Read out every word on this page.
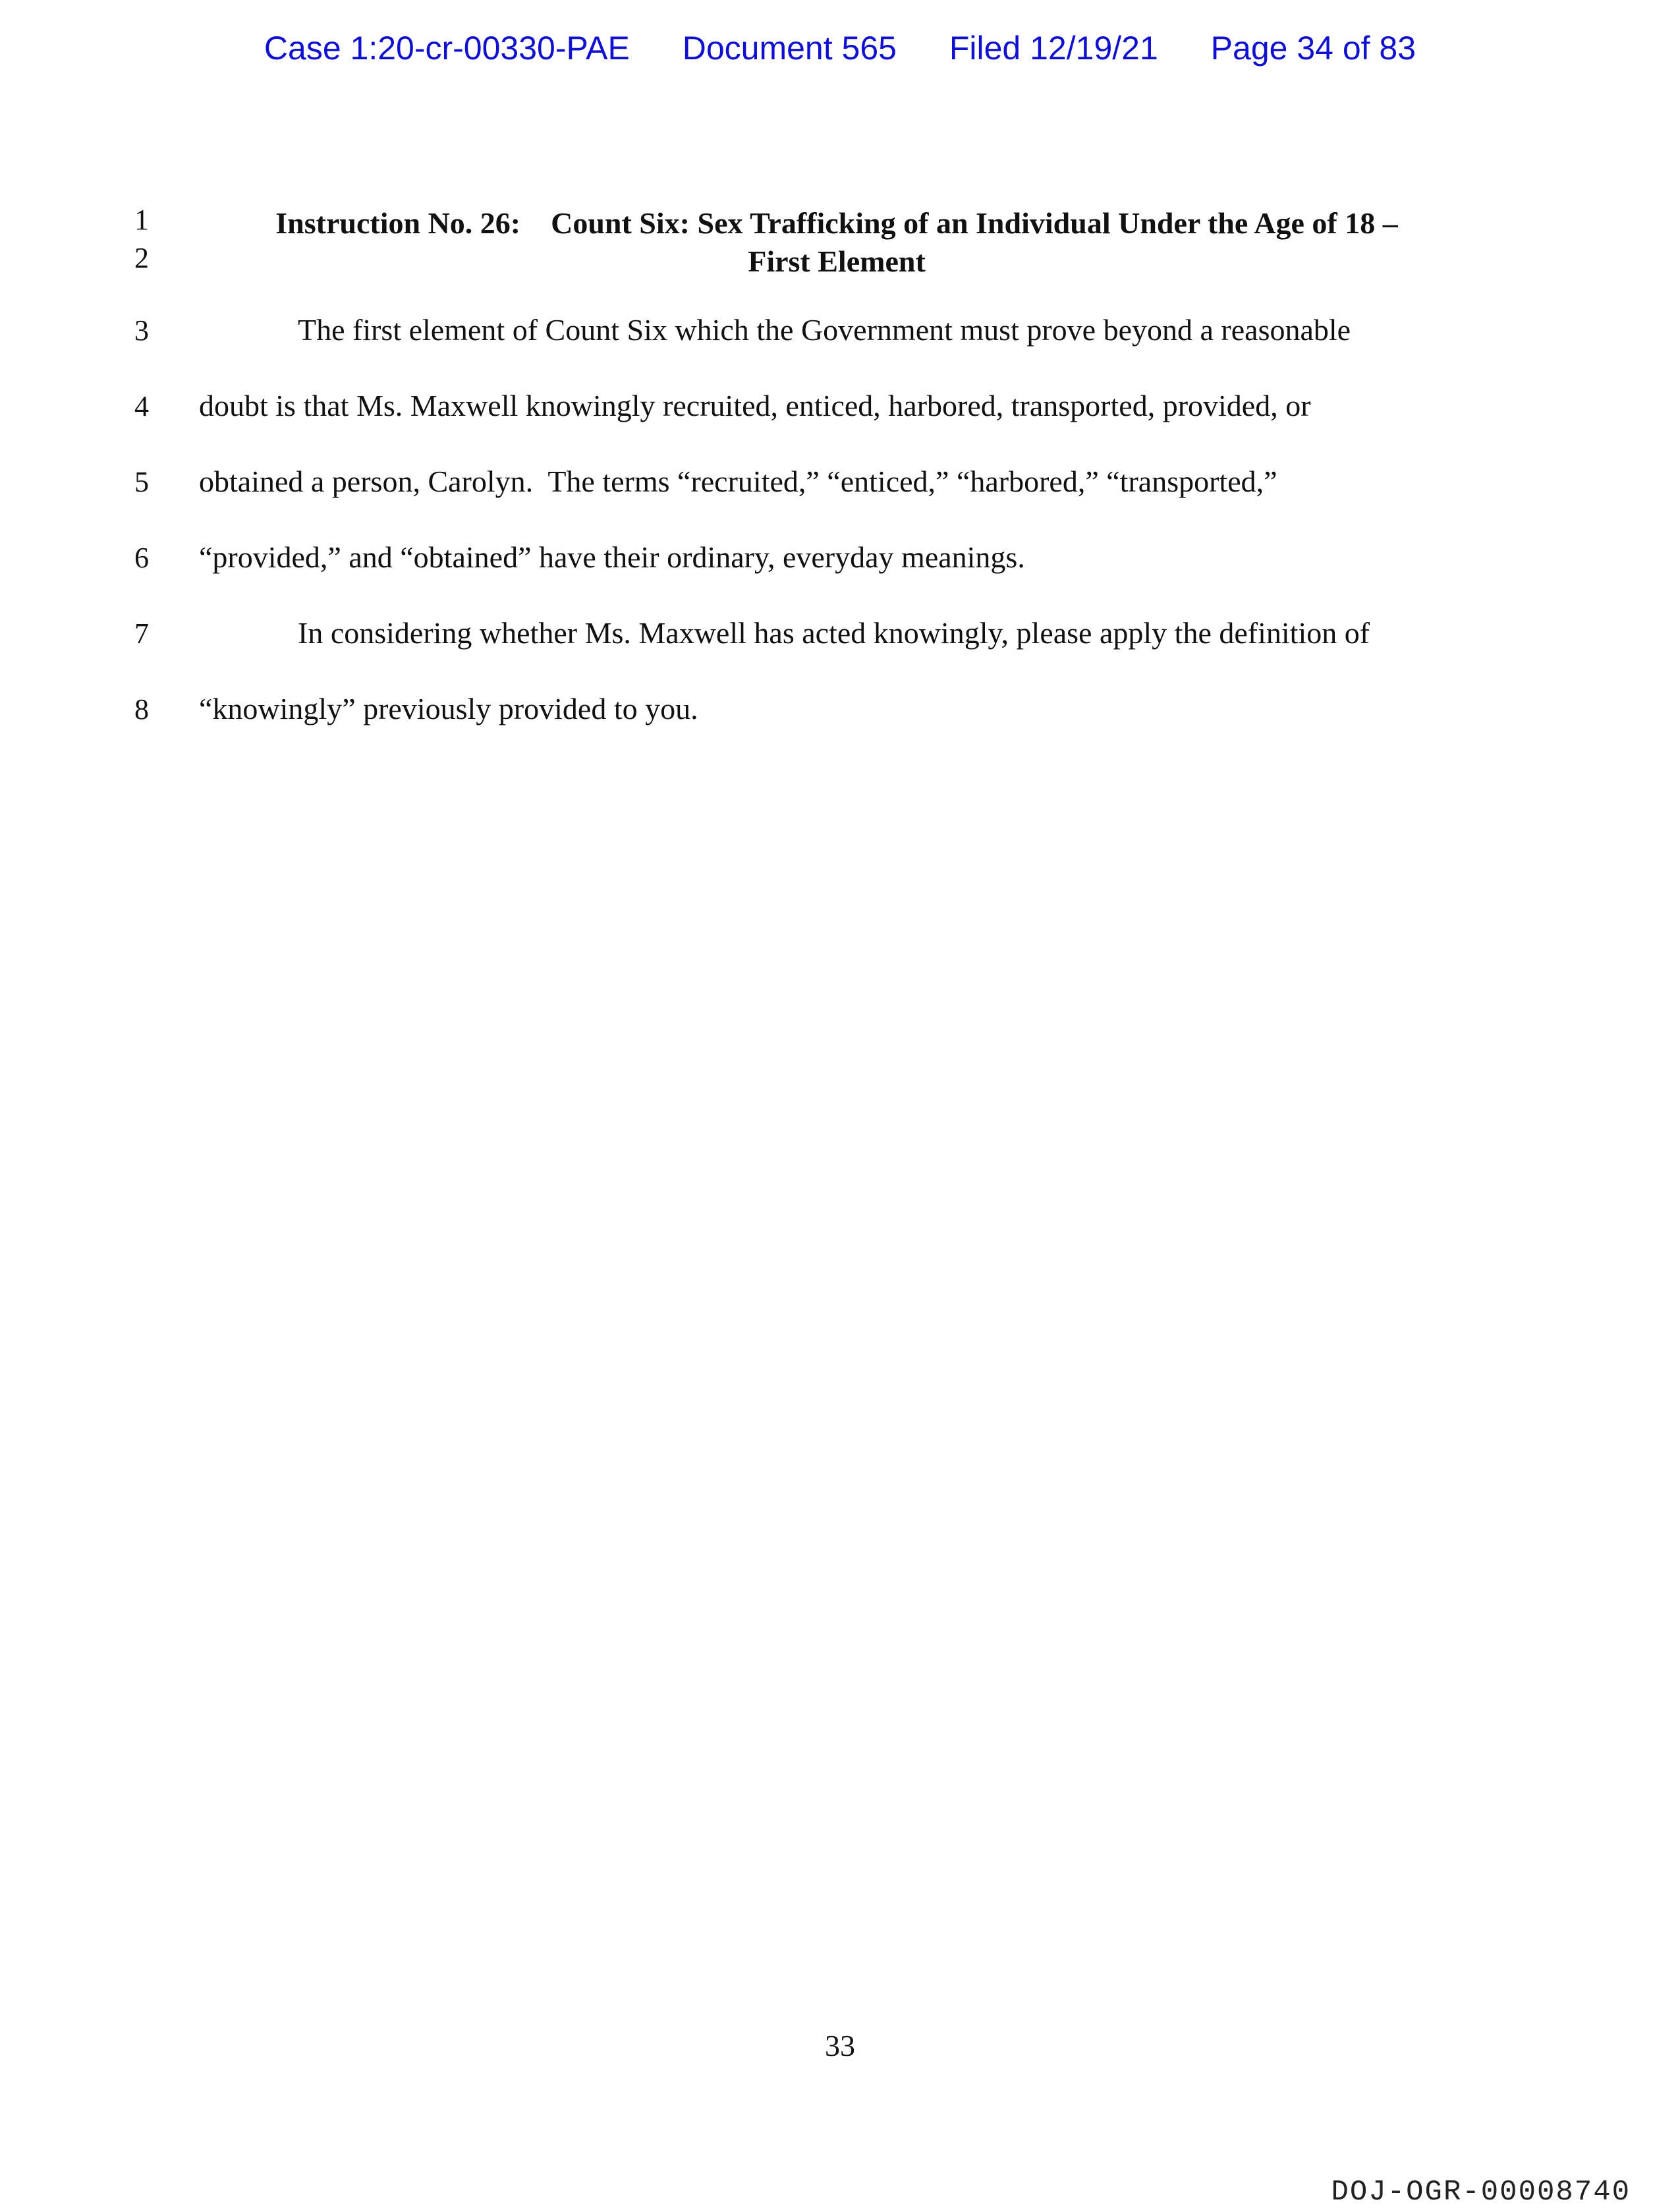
Case 1:20-cr-00330-PAE Document 565 Filed 12/19/21 Page 34 of 83
1
2
3
4
5
6
7
8
Instruction No. 26:    Count Six: Sex Trafficking of an Individual Under the Age of 18 –
First Element
The first element of Count Six which the Government must prove beyond a reasonable
doubt is that Ms. Maxwell knowingly recruited, enticed, harbored, transported, provided, or
obtained a person, Carolyn.  The terms “recruited,” “enticed,” “harbored,” “transported,”
“provided,” and “obtained” have their ordinary, everyday meanings.
In considering whether Ms. Maxwell has acted knowingly, please apply the definition of
“knowingly” previously provided to you.
33
DOJ-OGR-00008740
